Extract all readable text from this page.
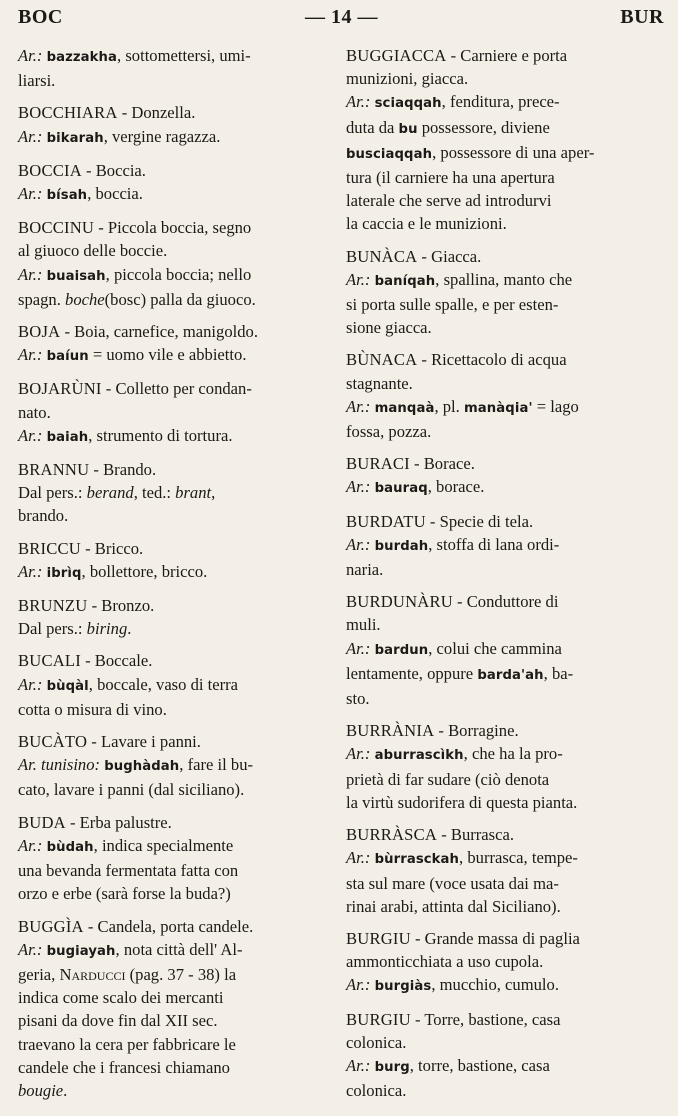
BOC	— 14 —	BUR
Ar.: bazzakha, sottomettersi, umi-
liarsi.
BOCCHIARA - Donzella.
Ar.: bikarah, vergine ragazza.
BOCCIA - Boccia.
Ar.: bísah, boccia.
BOCCINU - Piccola boccia, segno
al giuoco delle boccie.
Ar.: buaisah, piccola boccia; nello
spagn. boche(bosc) palla da giuoco.
BOJA - Boia, carnefice, manigoldo.
Ar.: baíun = uomo vile e abbietto.
BOJARÙNI - Colletto per condan-
nato.
Ar.: baiah, strumento di tortura.
BRANNU - Brando.
Dal pers.: berand, ted.: brant,
brando.
BRICCU - Bricco.
Ar.: ibrìq, bollettore, bricco.
BRUNZU - Bronzo.
Dal pers.: biring.
BUCALI - Boccale.
Ar.: bùqàl, boccale, vaso di terra
cotta o misura di vino.
BUCÀTO - Lavare i panni.
Ar. tunisino: bughàdah, fare il bu-
cato, lavare i panni (dal siciliano).
BUDA - Erba palustre.
Ar.: bùdah, indica specialmente
una bevanda fermentata fatta con
orzo e erbe (sarà forse la buda?)
BUGGÌA - Candela, porta candele.
Ar.: bugiayah, nota città dell' Al-
geria, Narducci (pag. 37 - 38) la
indica come scalo dei mercanti
pisani da dove fin dal XII sec.
traevano la cera per fabbricare le
candele che i francesi chiamano
bougie.
BUGGIACCA - Carniere e porta
munizioni, giacca.
Ar.: sciaqqah, fenditura, prece-
duta da bu possessore, diviene
busciaqqah, possessore di una aper-
tura (il carniere ha una apertura
laterale che serve ad introdurvi
la caccia e le munizioni.
BUNÀCA - Giacca.
Ar.: baníqah, spallina, manto che
si porta sulle spalle, e per esten-
sione giacca.
BÙNACA - Ricettacolo di acqua
stagnante.
Ar.: manqaà, pl. manàqia' = lago
fossa, pozza.
BURACI - Borace.
Ar.: bauraq, borace.
BURDATU - Specie di tela.
Ar.: burdah, stoffa di lana ordi-
naria.
BURDUNÀRU - Conduttore di
muli.
Ar.: bardun, colui che cammina
lentamente, oppure barda'ah, ba-
sto.
BURRÀNIA - Borragine.
Ar.: aburrascìkh, che ha la pro-
prietà di far sudare (ciò denota
la virtù sudorifera di questa pianta.
BURRÀSCA - Burrasca.
Ar.: bùrrasckah, burrasca, tempe-
sta sul mare (voce usata dai ma-
rinai arabi, attinta dal Siciliano).
BURGIU - Grande massa di paglia
ammonticchiata a uso cupola.
Ar.: burgiàs, mucchio, cumulo.
BURGIU - Torre, bastione, casa
colonica.
Ar.: burg, torre, bastione, casa
colonica.
